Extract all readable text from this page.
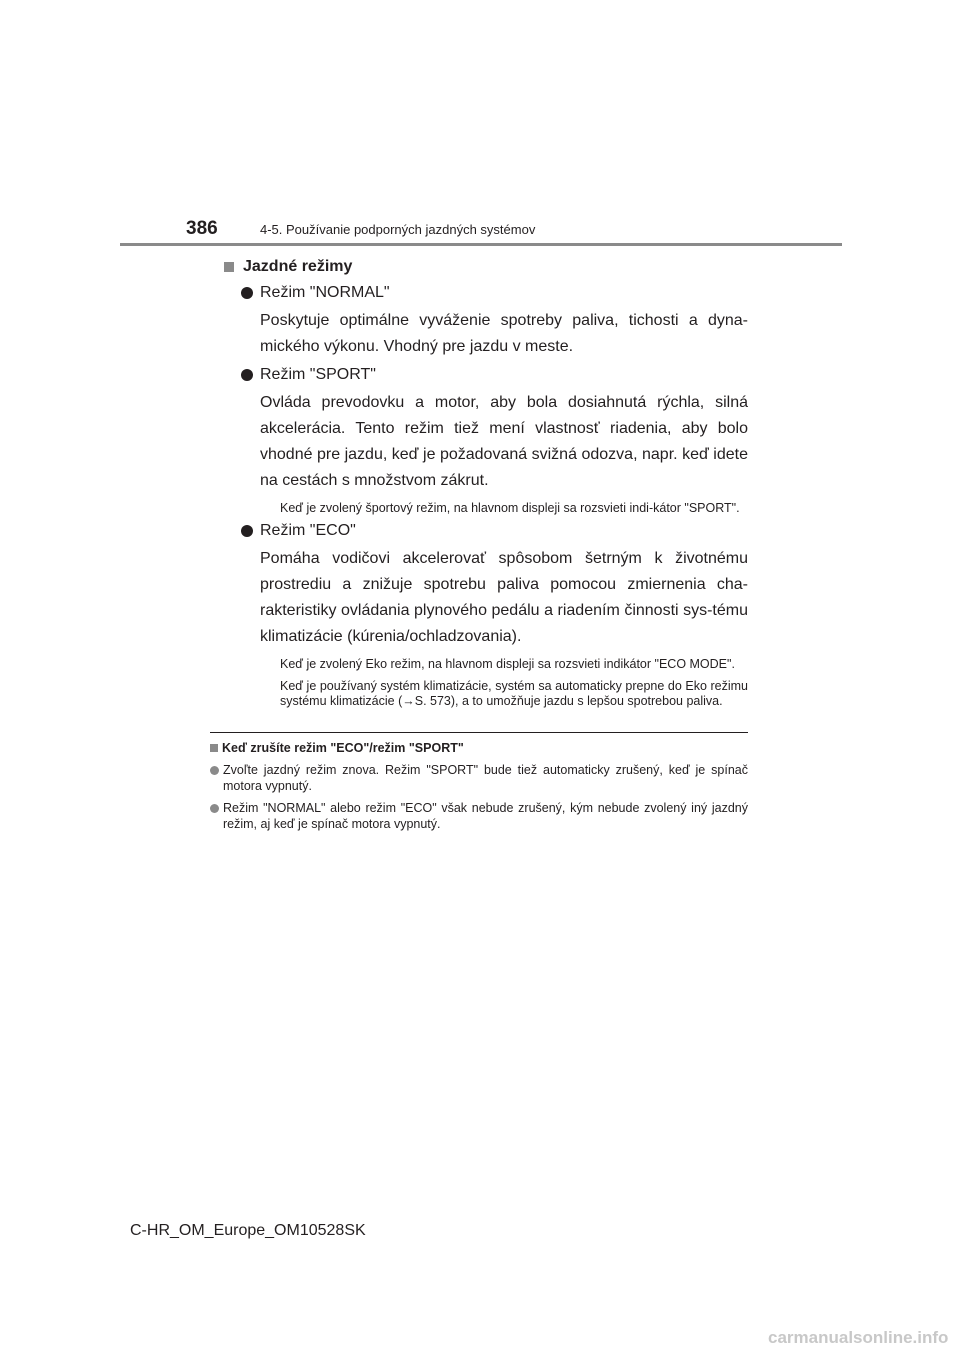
386	4-5. Používanie podporných jazdných systémov
Jazdné režimy
Režim "NORMAL"
Poskytuje optimálne vyváženie spotreby paliva, tichosti a dyna-mického výkonu. Vhodný pre jazdu v meste.
Režim "SPORT"
Ovláda prevodovku a motor, aby bola dosiahnutá rýchla, silná akcelerácia. Tento režim tiež mení vlastnosť riadenia, aby bolo vhodné pre jazdu, keď je požadovaná svižná odozva, napr. keď idete na cestách s množstvom zákrut.
Keď je zvolený športový režim, na hlavnom displeji sa rozsvieti indi-kátor "SPORT".
Režim "ECO"
Pomáha vodičovi akcelerovať spôsobom šetrným k životnému prostrediu a znižuje spotrebu paliva pomocou zmiernenia cha-rakteristiky ovládania plynového pedálu a riadením činnosti sys-tému klimatizácie (kúrenia/ochladzovania).
Keď je zvolený Eko režim, na hlavnom displeji sa rozsvieti indikátor "ECO MODE".
Keď je používaný systém klimatizácie, systém sa automaticky prepne do Eko režimu systému klimatizácie (→S. 573), a to umožňuje jazdu s lepšou spotrebou paliva.
Keď zrušíte režim "ECO"/režim "SPORT"
Zvoľte jazdný režim znova. Režim "SPORT" bude tiež automaticky zrušený, keď je spínač motora vypnutý.
Režim "NORMAL" alebo režim "ECO" však nebude zrušený, kým nebude zvolený iný jazdný režim, aj keď je spínač motora vypnutý.
C-HR_OM_Europe_OM10528SK
carmanualsonline.info
